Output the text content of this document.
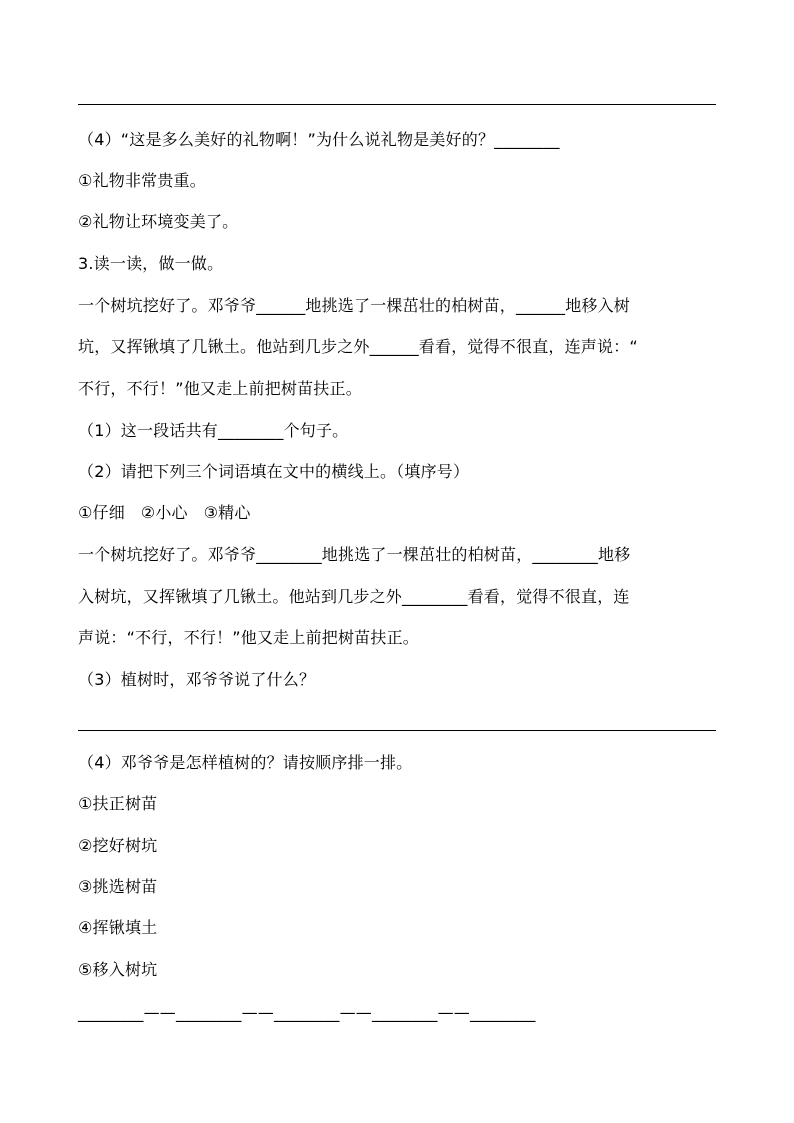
（4）“这是多么美好的礼物啊！”为什么说礼物是美好的？________
①礼物非常贵重。
②礼物让环境变美了。
3.读一读，做一做。
一个树坑挖好了。邓爷爷______地挑选了一棵茁壮的柏树苗，______地移入树
坑，又挥锹填了几锹土。他站到几步之外______看看，觉得不很直，连声说：“
不行，不行！”他又走上前把树苗扶正。
（1）这一段话共有________个句子。
（2）请把下列三个词语填在文中的横线上。（填序号）
①仔细   ②小心   ③精心
一个树坑挖好了。邓爷爷________地挑选了一棵茁壮的柏树苗，________地移
入树坑，又挥锹填了几锹土。他站到几步之外________看看，觉得不很直，连
声说：“不行，不行！”他又走上前把树苗扶正。
（3）植树时，邓爷爷说了什么？
（4）邓爷爷是怎样植树的？请按顺序排一排。
①扶正树苗
②挖好树坑
③挑选树苗
④挥锹填土
⑤移入树坑
________——________——________——________——________
